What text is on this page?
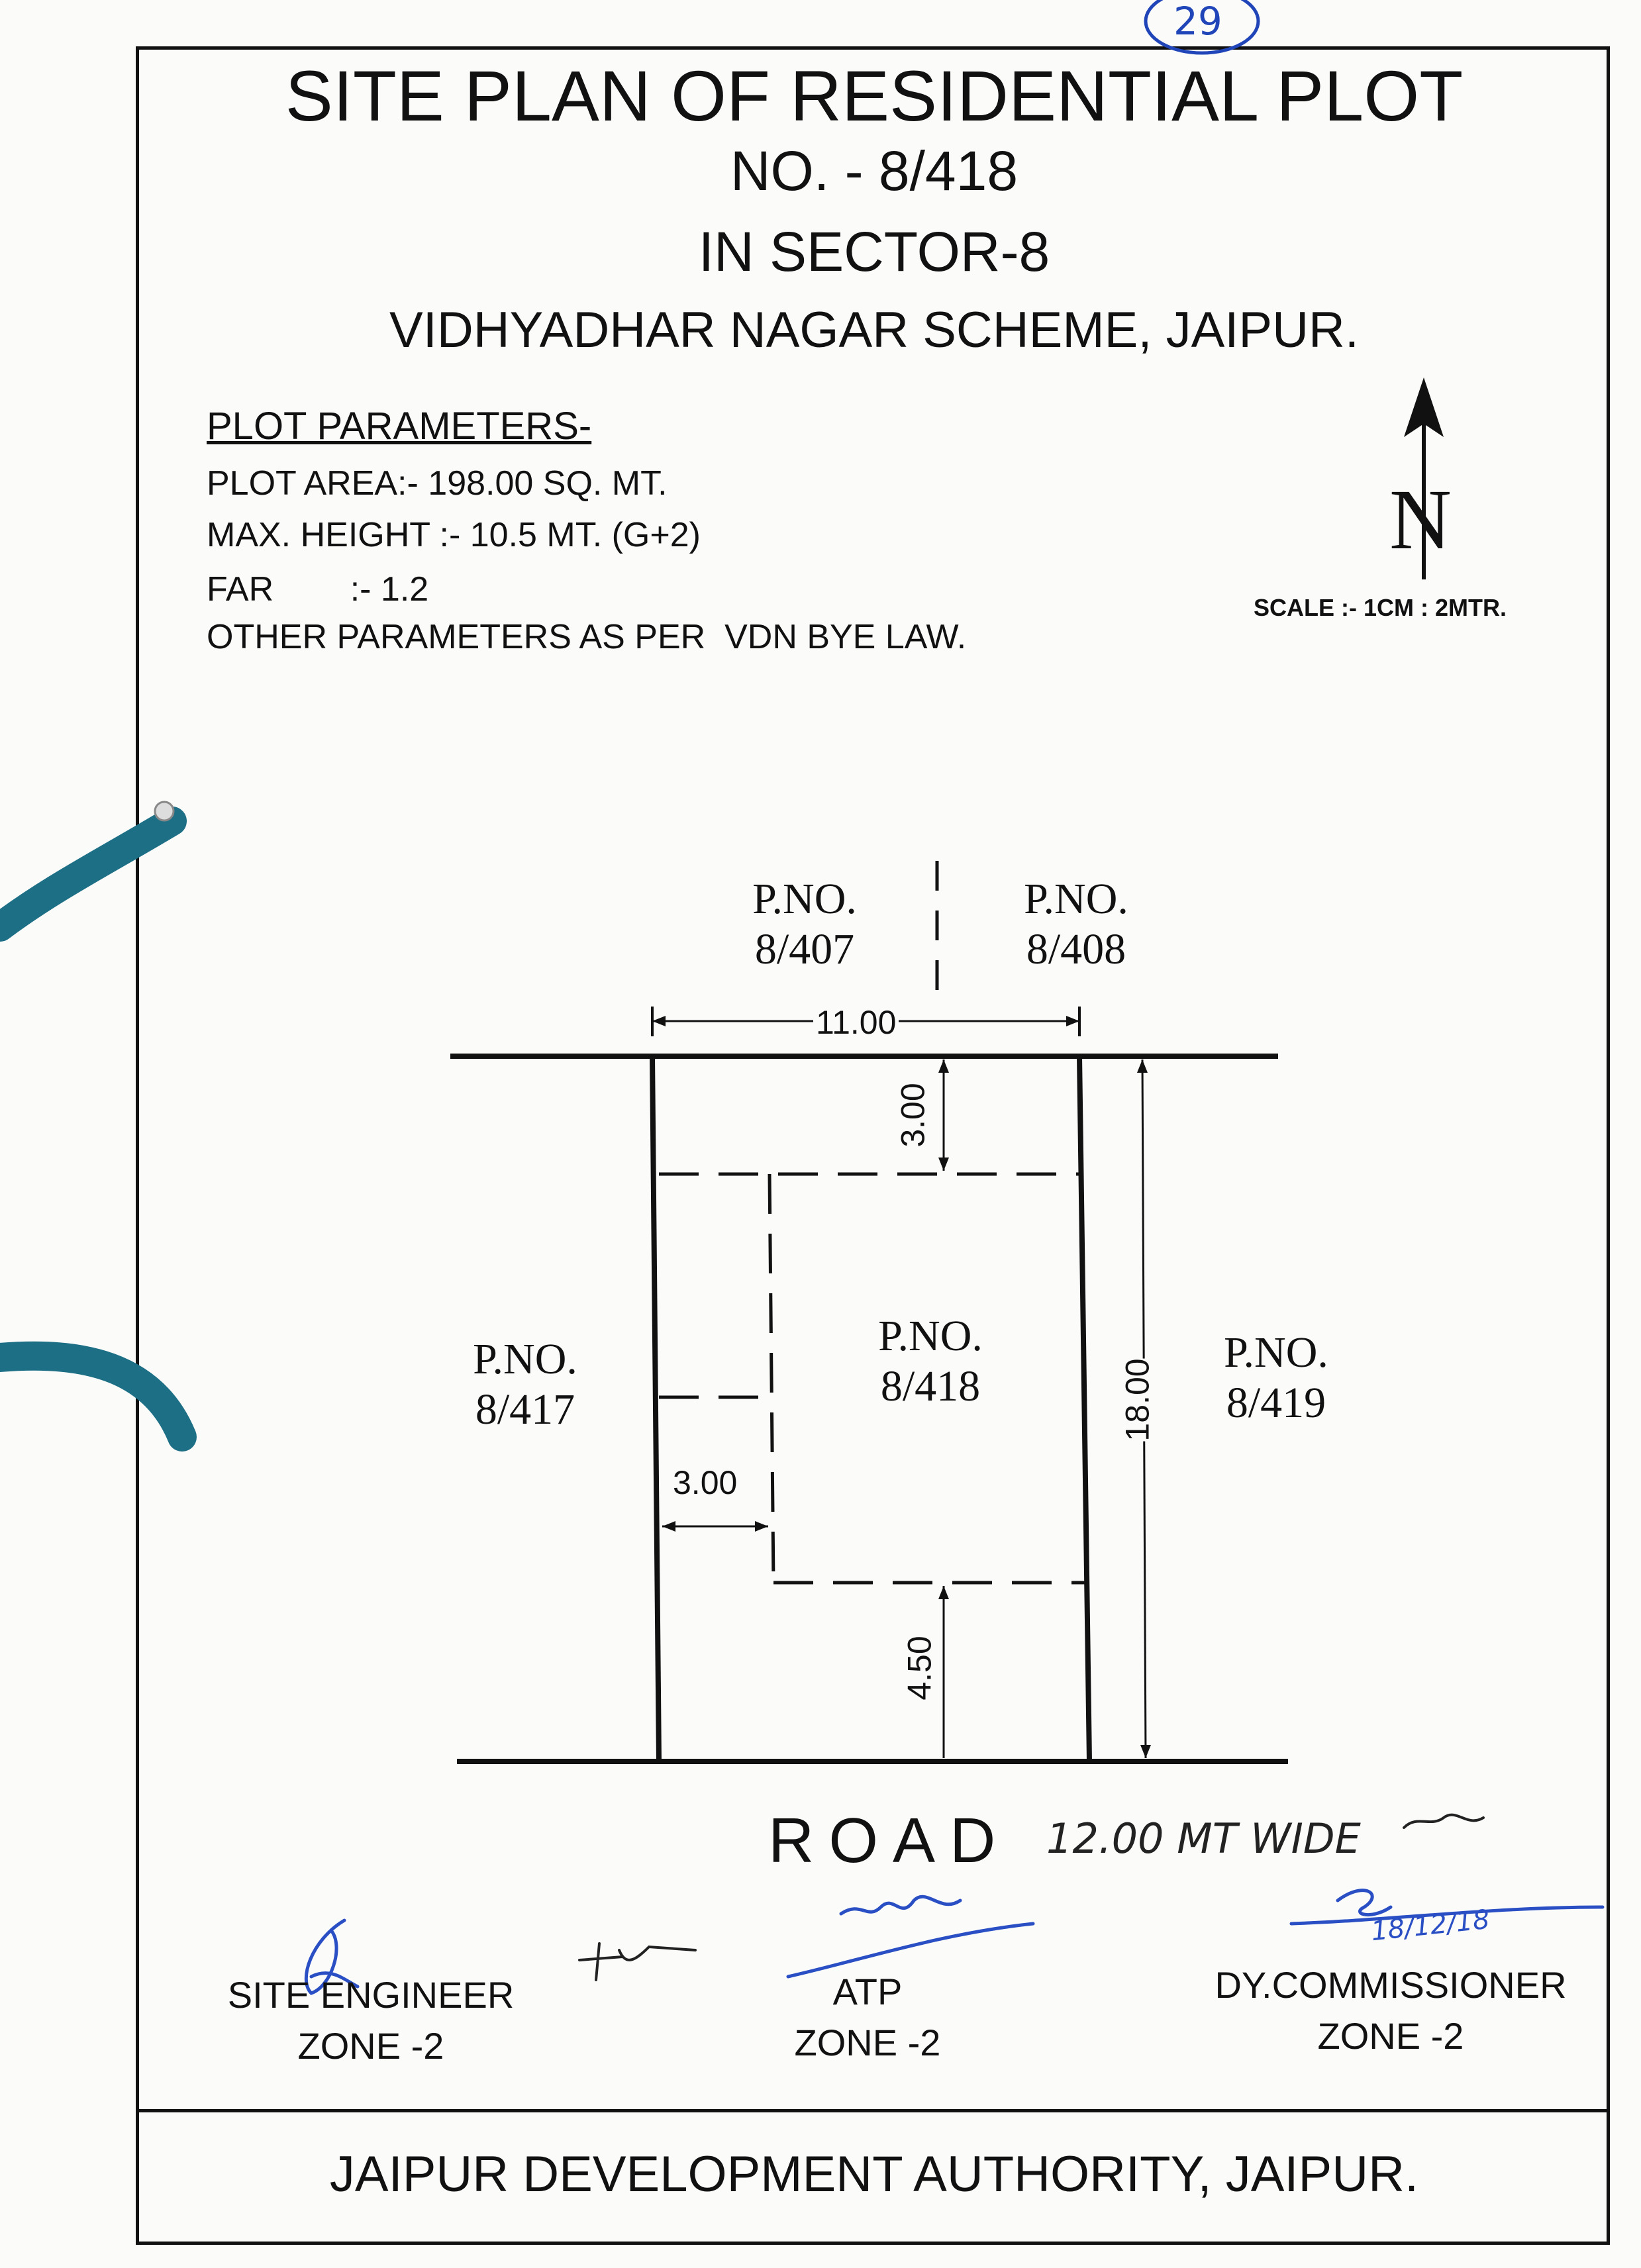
29
SITE PLAN OF RESIDENTIAL PLOT
NO. - 8/418
IN SECTOR-8
VIDHYADHAR NAGAR SCHEME, JAIPUR.
PLOT PARAMETERS-
PLOT AREA:- 198.00 SQ. MT.
MAX. HEIGHT :- 10.5 MT. (G+2)
FAR        :- 1.2
OTHER PARAMETERS AS PER  VDN BYE LAW.
N
SCALE :- 1CM : 2MTR.
11.00
3.00
3.00
18.00
4.50
P.NO.
8/407
P.NO.
8/408
P.NO.
8/417
P.NO.
8/418
P.NO.
8/419
ROAD 12.00 MT WIDE
18/12/18
SITE ENGINEER
ZONE -2
ATP
ZONE -2
DY.COMMISSIONER
ZONE -2
JAIPUR DEVELOPMENT AUTHORITY, JAIPUR.
